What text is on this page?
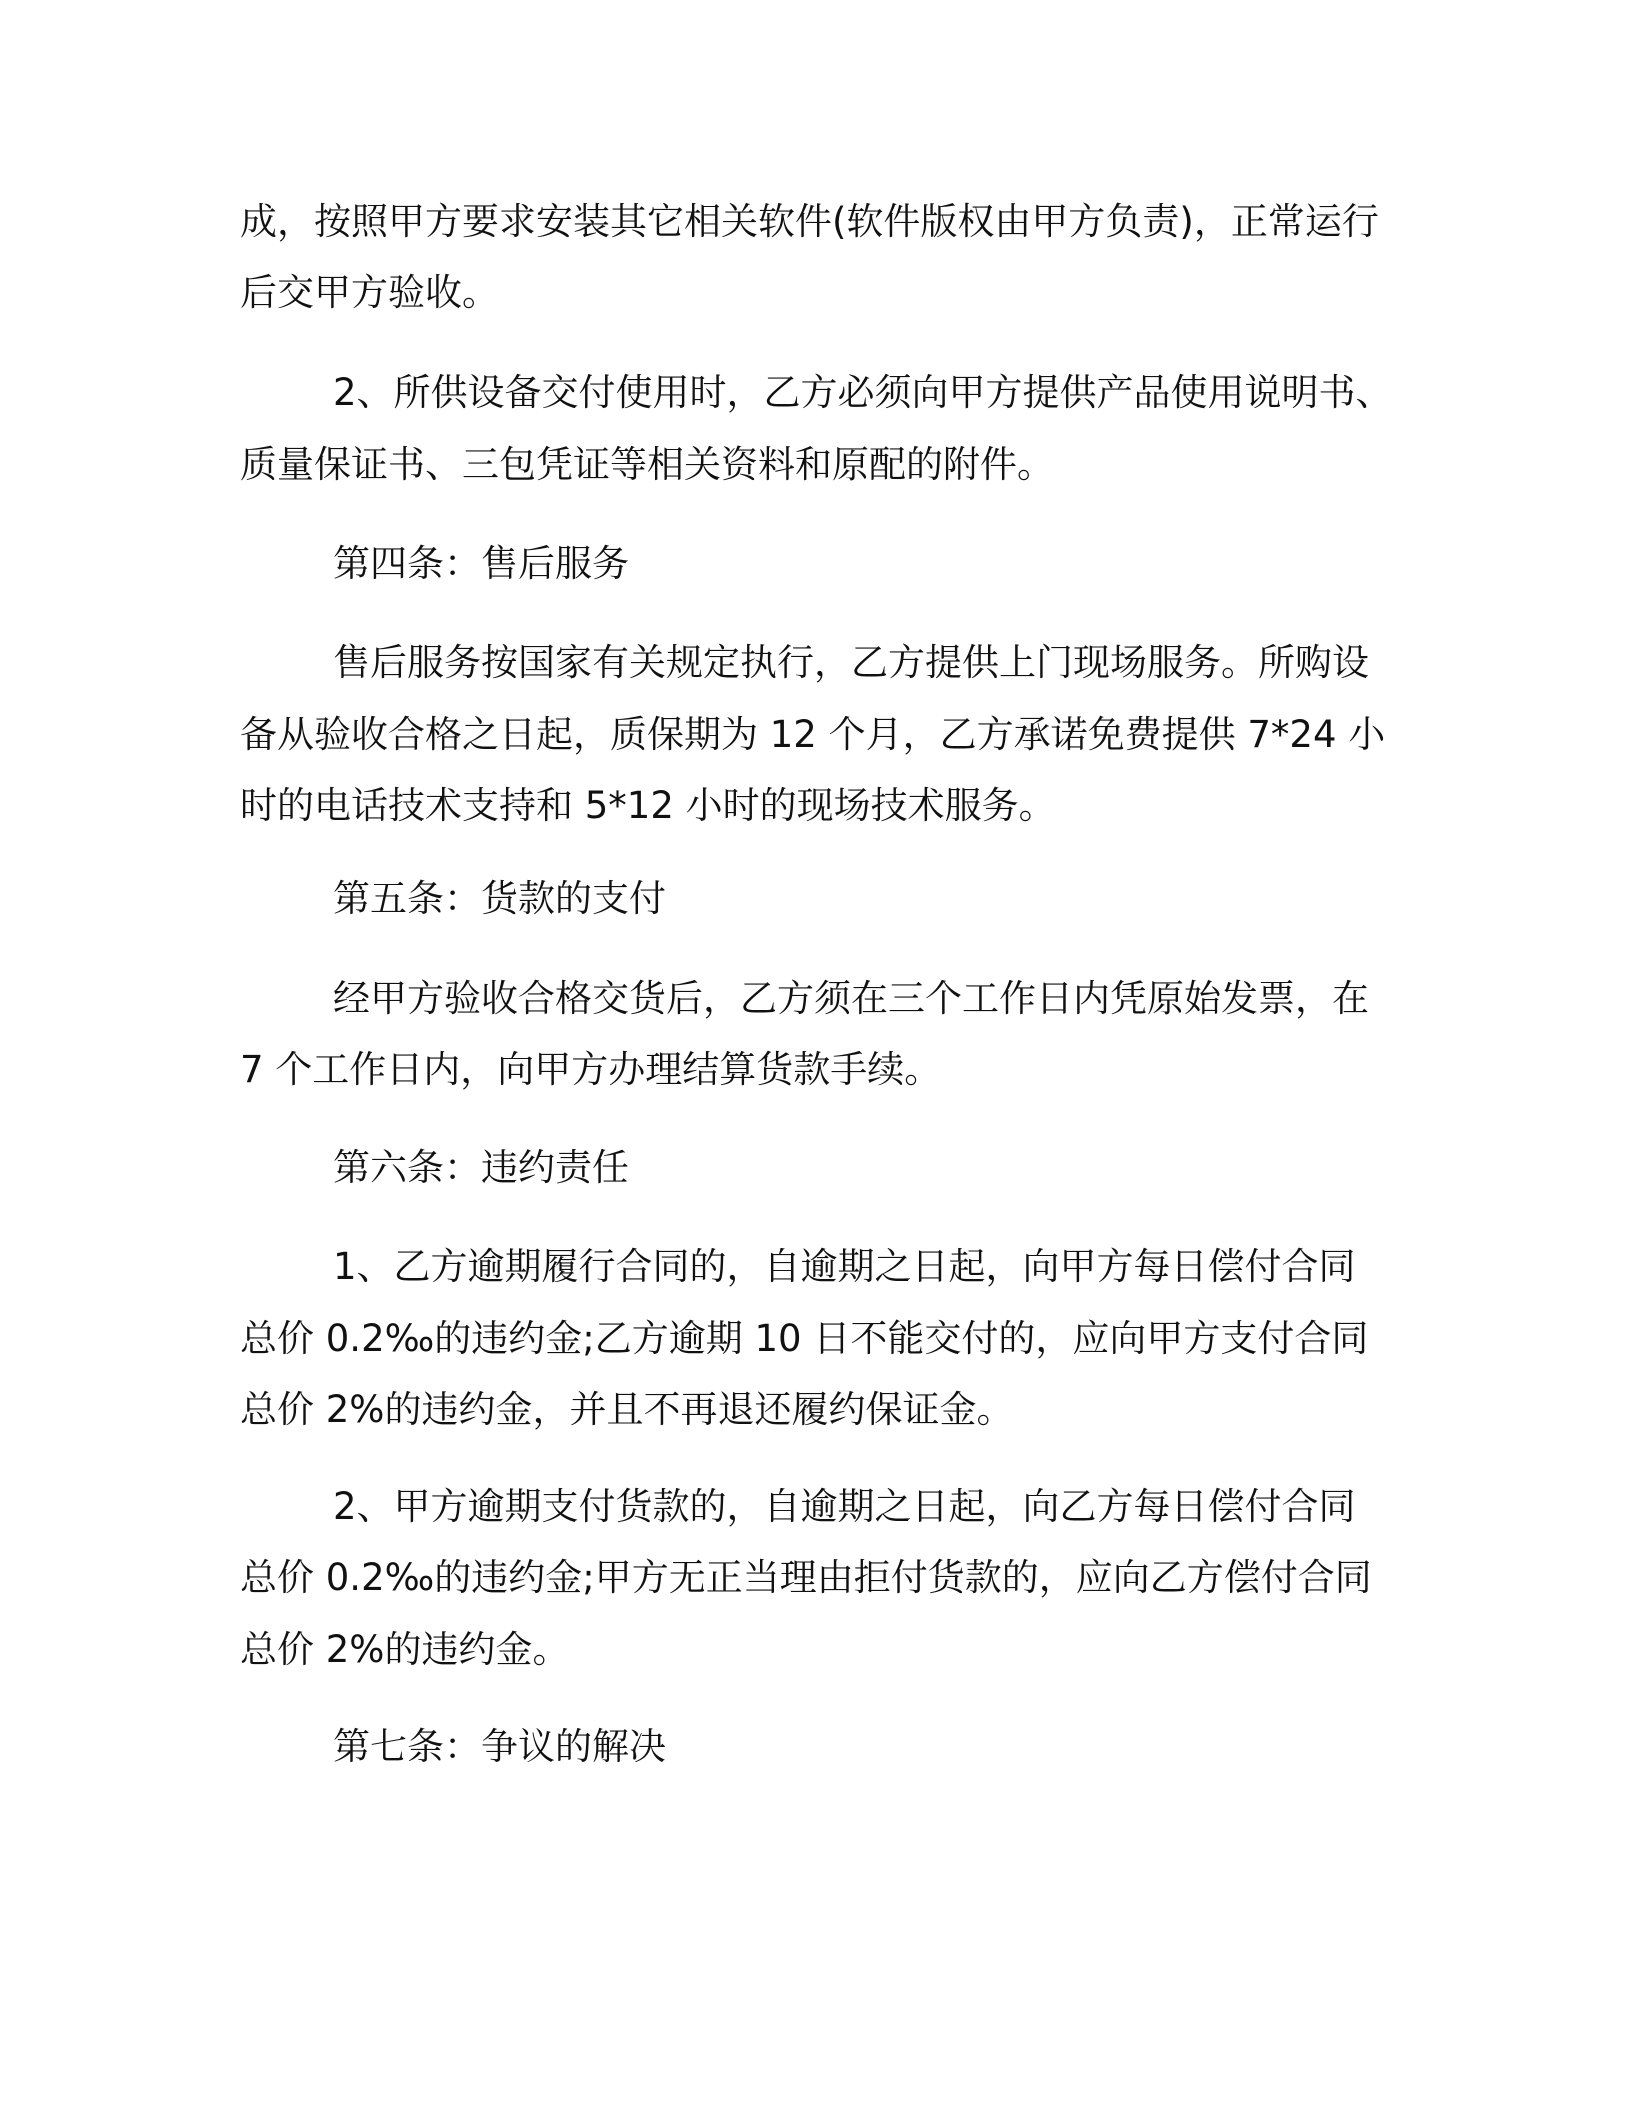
成，按照甲方要求安装其它相关软件(软件版权由甲方负责)，正常运行
后交甲方验收。
2、所供设备交付使用时，乙方必须向甲方提供产品使用说明书、
质量保证书、三包凭证等相关资料和原配的附件。
第四条：售后服务
售后服务按国家有关规定执行，乙方提供上门现场服务。所购设
备从验收合格之日起，质保期为 12 个月，乙方承诺免费提供 7*24 小
时的电话技术支持和 5*12 小时的现场技术服务。
第五条：货款的支付
经甲方验收合格交货后，乙方须在三个工作日内凭原始发票，在
7 个工作日内，向甲方办理结算货款手续。
第六条：违约责任
1、乙方逾期履行合同的，自逾期之日起，向甲方每日偿付合同
总价 0.2‰的违约金;乙方逾期 10 日不能交付的，应向甲方支付合同
总价 2%的违约金，并且不再退还履约保证金。
2、甲方逾期支付货款的，自逾期之日起，向乙方每日偿付合同
总价 0.2‰的违约金;甲方无正当理由拒付货款的，应向乙方偿付合同
总价 2%的违约金。
第七条：争议的解决
